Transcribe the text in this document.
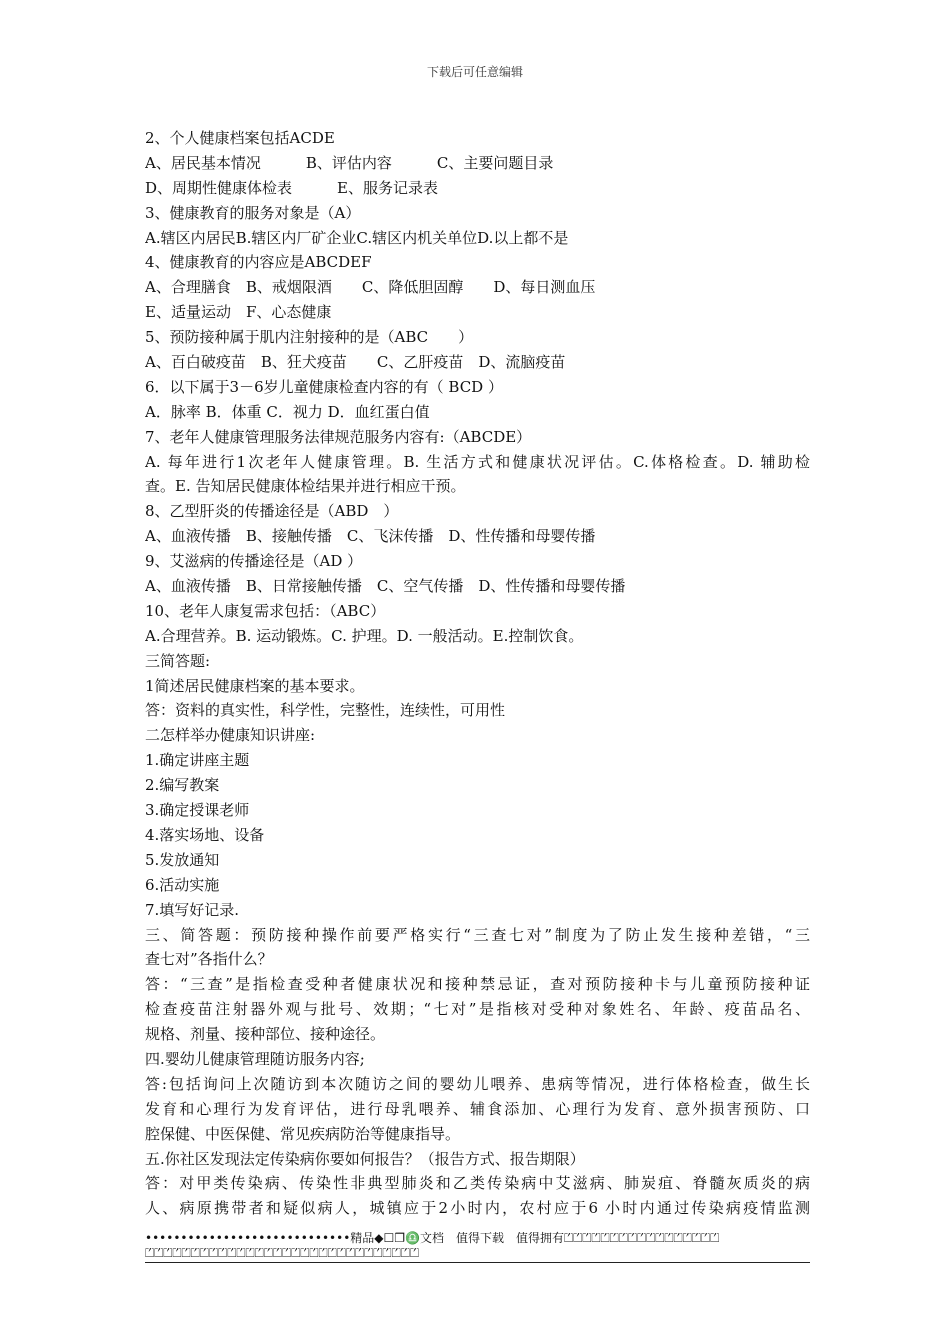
下载后可任意编辑
2、个人健康档案包括ACDE
A、居民基本情况　　　B、评估内容　　　C、主要问题目录
D、周期性健康体检表　　　E、服务记录表
3、健康教育的服务对象是（A）
A.辖区内居民B.辖区内厂矿企业C.辖区内机关单位D.以上都不是
4、健康教育的内容应是ABCDEF
A、合理膳食　B、戒烟限酒　　C、降低胆固醇　　D、每日测血压
E、适量运动　F、心态健康
5、预防接种属于肌内注射接种的是（ABC　　）
A、百白破疫苗　B、狂犬疫苗　　C、乙肝疫苗　D、流脑疫苗
6．以下属于3－6岁儿童健康检查内容的有（ BCD ）
A．脉率 B．体重 C．视力 D．血红蛋白值
7、老年人健康管理服务法律规范服务内容有:（ABCDE）
A. 每年进行1次老年人健康管理。B. 生活方式和健康状况评估。C.体格检查。D. 辅助检
查。E. 告知居民健康体检结果并进行相应干预。
8、乙型肝炎的传播途径是（ABD　）
A、血液传播　B、接触传播　C、飞沫传播　D、性传播和母婴传播
9、艾滋病的传播途径是（AD ）
A、血液传播　B、日常接触传播　C、空气传播　D、性传播和母婴传播
10、老年人康复需求包括：（ABC）
A.合理营养。B. 运动锻炼。C. 护理。D. 一般活动。E.控制饮食。
三简答题:
1简述居民健康档案的基本要求。
答：资料的真实性，科学性，完整性，连续性，可用性
二怎样举办健康知识讲座:
1.确定讲座主题
2.编写教案
3.确定授课老师
4.落实场地、设备
5.发放通知
6.活动实施
7.填写好记录.
三、简答题：预防接种操作前要严格实行“三查七对”制度为了防止发生接种差错，“三
查七对”各指什么？
答：“三查”是指检查受种者健康状况和接种禁忌证，查对预防接种卡与儿童预防接种证
检查疫苗注射器外观与批号、效期；“七对”是指核对受种对象姓名、年龄、疫苗品名、
规格、剂量、接种部位、接种途径。
四.婴幼儿健康管理随访服务内容;
答:包括询问上次随访到本次随访之间的婴幼儿喂养、患病等情况，进行体格检查，做生长
发育和心理行为发育评估，进行母乳喂养、辅食添加、心理行为发育、意外损害预防、口
腔保健、中医保健、常见疾病防治等健康指导。
五.你社区发现法定传染病你要如何报告？（报告方式、报告期限）
答：对甲类传染病、传染性非典型肺炎和乙类传染病中艾滋病、肺炭疽、脊髓灰质炎的病
人、病原携带者和疑似病人，城镇应于2小时内，农村应于6 小时内通过传染病疫情监测
•••••••••••••••••••••••••••••精品◆☐❐♎文档　值得下载　值得拥有⏍⏍⏍⏍⏍⏍⏍⏍⏍⏍⏍⏍⏍⏍⏍⏍⏍
⏍⏍⏍⏍⏍⏍⏍⏍⏍⏍⏍⏍⏍⏍⏍⏍⏍⏍⏍⏍⏍⏍⏍⏍⏍⏍⏍⏍⏍⏍
